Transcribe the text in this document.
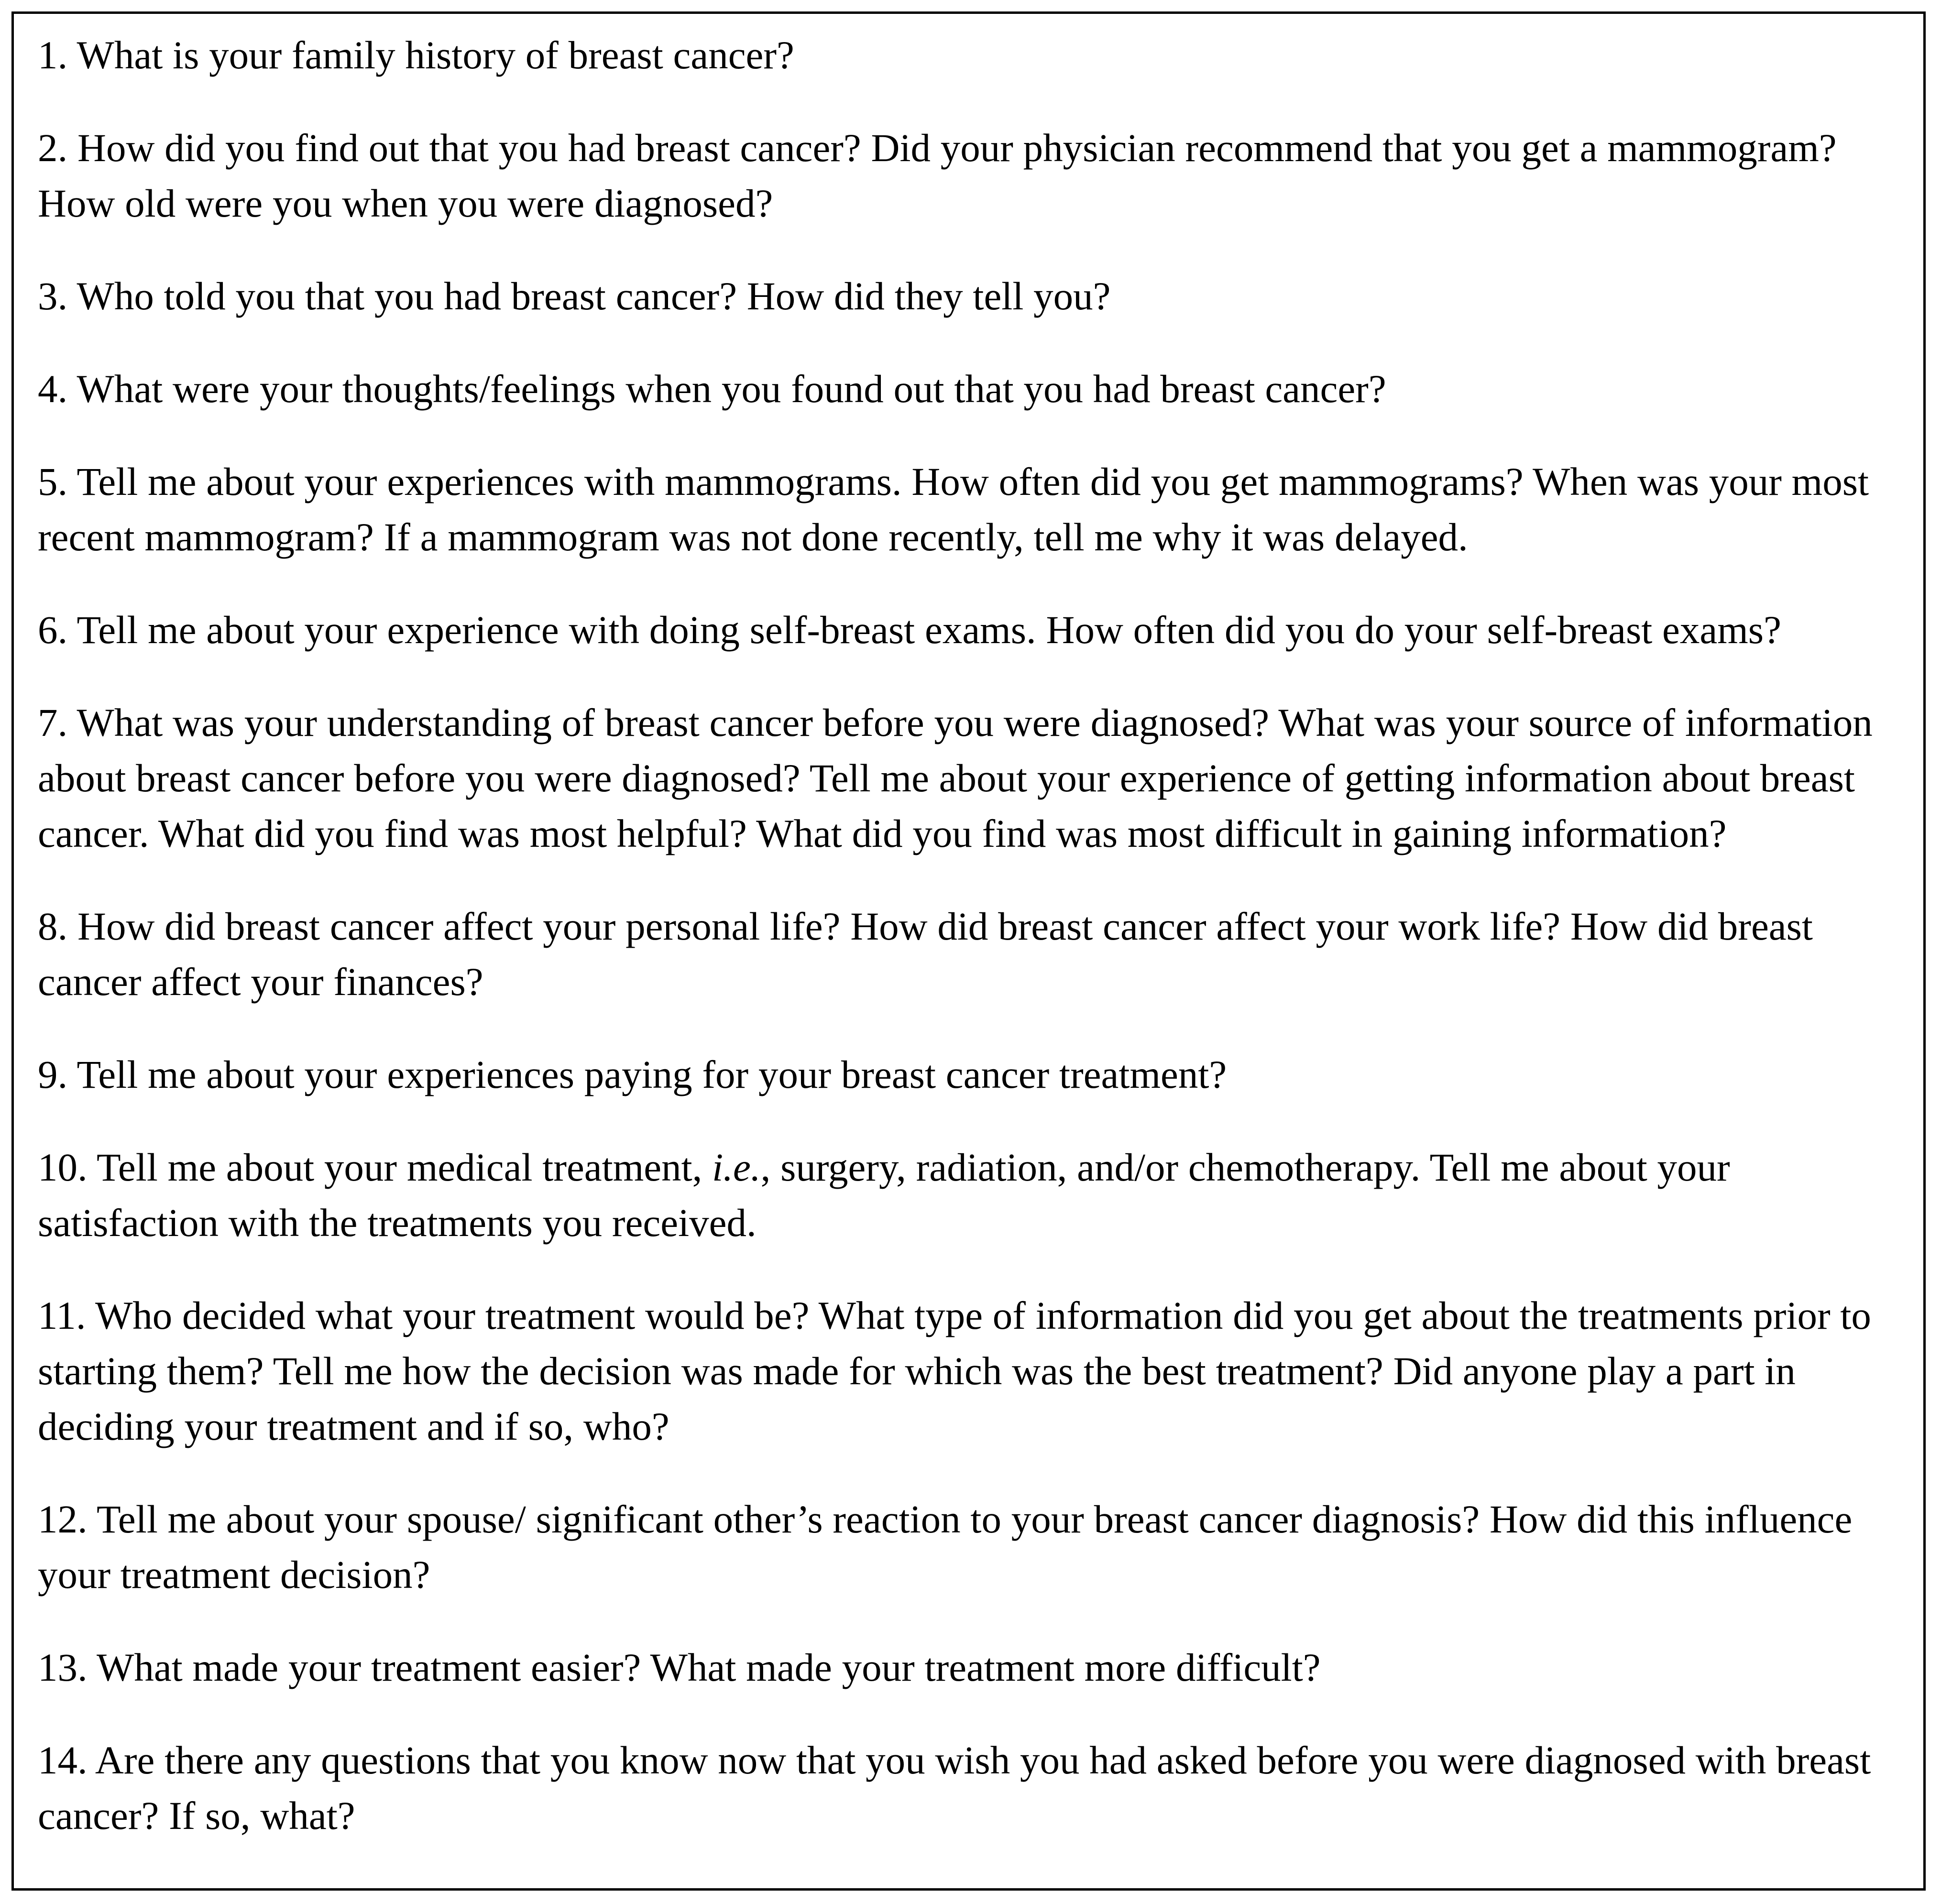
1. What is your family history of breast cancer?
2. How did you find out that you had breast cancer? Did your physician recommend that you get a mammogram? How old were you when you were diagnosed?
3. Who told you that you had breast cancer? How did they tell you?
4. What were your thoughts/feelings when you found out that you had breast cancer?
5. Tell me about your experiences with mammograms. How often did you get mammograms? When was your most recent mammogram? If a mammogram was not done recently, tell me why it was delayed.
6. Tell me about your experience with doing self-breast exams. How often did you do your self-breast exams?
7. What was your understanding of breast cancer before you were diagnosed? What was your source of information about breast cancer before you were diagnosed? Tell me about your experience of getting information about breast cancer. What did you find was most helpful? What did you find was most difficult in gaining information?
8. How did breast cancer affect your personal life? How did breast cancer affect your work life? How did breast cancer affect your finances?
9. Tell me about your experiences paying for your breast cancer treatment?
10. Tell me about your medical treatment, i.e., surgery, radiation, and/or chemotherapy. Tell me about your satisfaction with the treatments you received.
11. Who decided what your treatment would be? What type of information did you get about the treatments prior to starting them? Tell me how the decision was made for which was the best treatment? Did anyone play a part in deciding your treatment and if so, who?
12. Tell me about your spouse/ significant other’s reaction to your breast cancer diagnosis? How did this influence your treatment decision?
13. What made your treatment easier? What made your treatment more difficult?
14. Are there any questions that you know now that you wish you had asked before you were diagnosed with breast cancer? If so, what?
